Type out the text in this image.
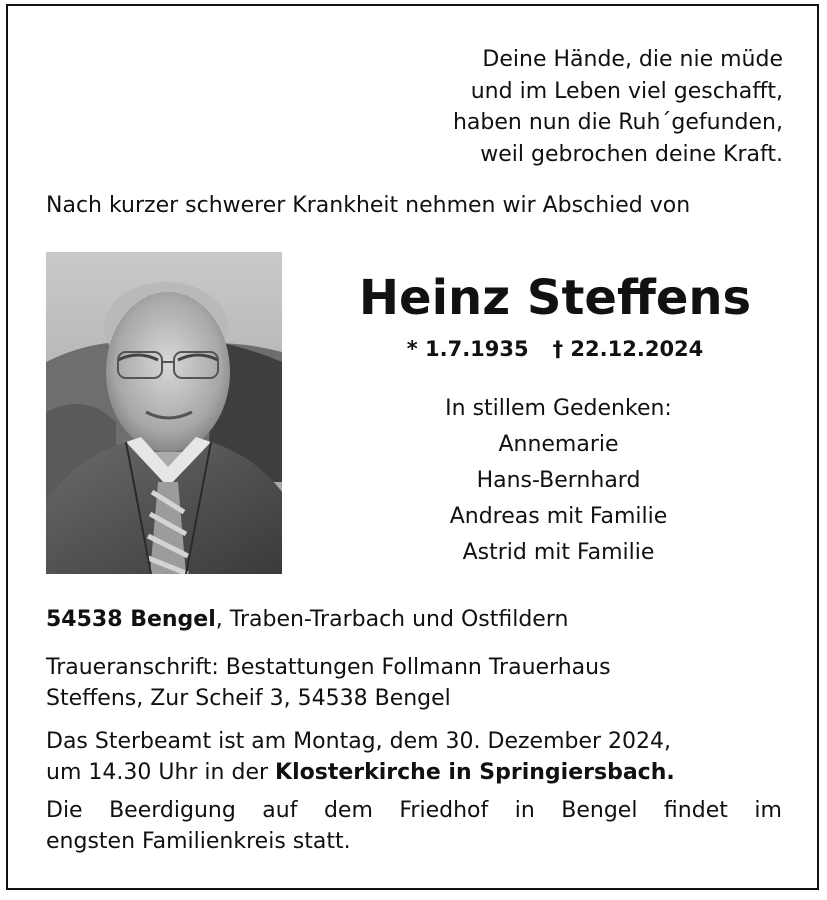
Deine Hände, die nie müde
und im Leben viel geschafft,
haben nun die Ruh´gefunden,
weil gebrochen deine Kraft.
Nach kurzer schwerer Krankheit nehmen wir Abschied von
Heinz Steffens
* 1.7.1935 † 22.12.2024
In stillem Gedenken:
Annemarie
Hans-Bernhard
Andreas mit Familie
Astrid mit Familie
54538 Bengel, Traben-Trarbach und Ostfildern
Traueranschrift: Bestattungen Follmann Trauerhaus
Steffens, Zur Scheif 3, 54538 Bengel
Das Sterbeamt ist am Montag, dem 30. Dezember 2024,
um 14.30 Uhr in der Klosterkirche in Springiersbach.
Die Beerdigung auf dem Friedhof in Bengel findet im
engsten Familienkreis statt.
